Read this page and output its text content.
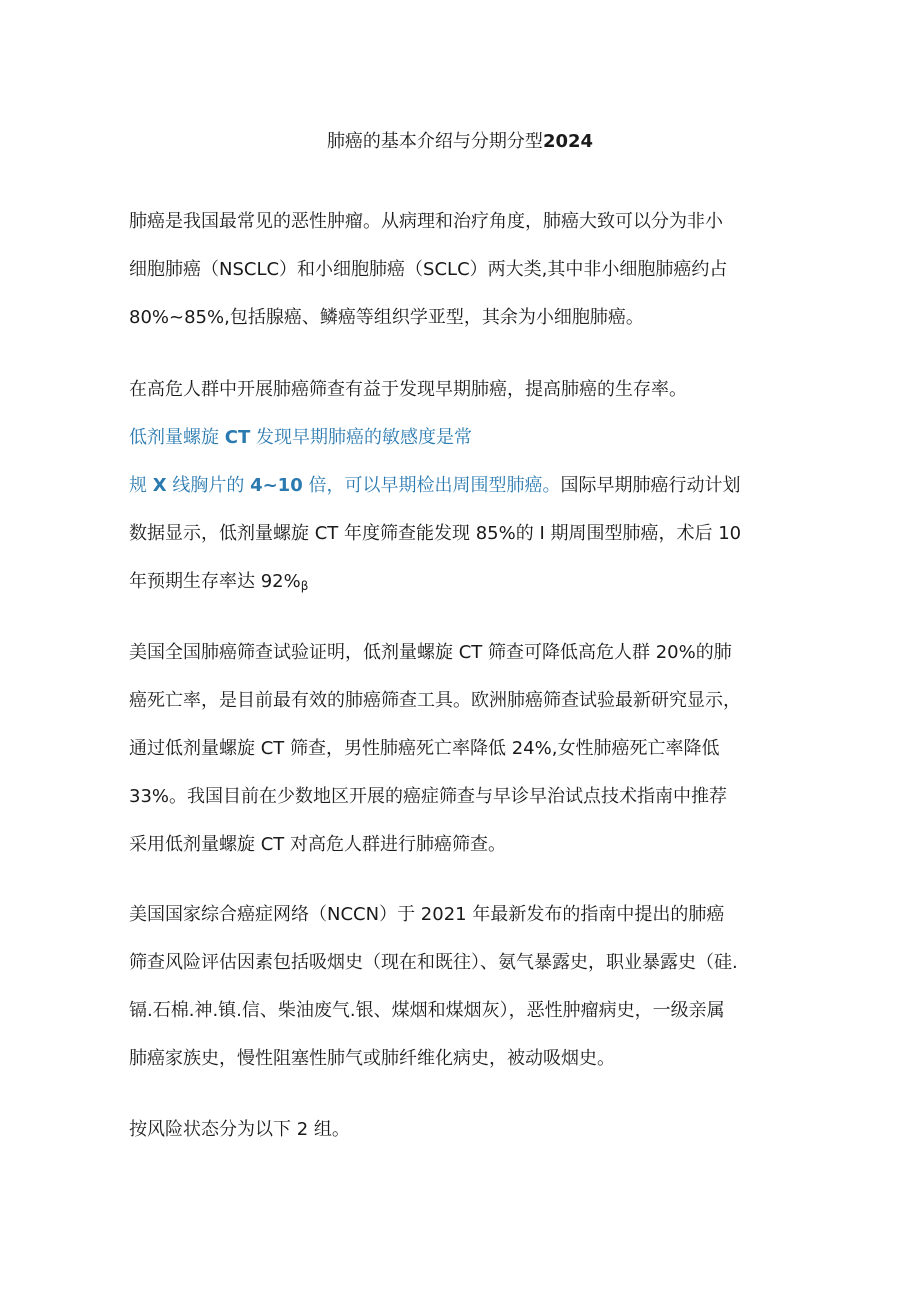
肺癌的基本介绍与分期分型2024
肺癌是我国最常见的恶性肿瘤。从病理和治疗角度，肺癌大致可以分为非小
细胞肺癌（NSCLC）和小细胞肺癌（SCLC）两大类,其中非小细胞肺癌约占
80%~85%,包括腺癌、鳞癌等组织学亚型，其余为小细胞肺癌。
在高危人群中开展肺癌筛查有益于发现早期肺癌，提高肺癌的生存率。
低剂量螺旋 CT 发现早期肺癌的敏感度是常
规 X 线胸片的 4~10 倍，可以早期检出周围型肺癌。国际早期肺癌行动计划
数据显示，低剂量螺旋 CT 年度筛查能发现 85%的 I 期周围型肺癌，术后 10
年预期生存率达 $92\%_\beta$
美国全国肺癌筛查试验证明，低剂量螺旋 CT 筛查可降低高危人群 20%的肺
癌死亡率，是目前最有效的肺癌筛查工具。欧洲肺癌筛查试验最新研究显示，
通过低剂量螺旋 CT 筛查，男性肺癌死亡率降低 24%,女性肺癌死亡率降低
33%。我国目前在少数地区开展的癌症筛查与早诊早治试点技术指南中推荐
采用低剂量螺旋 CT 对高危人群进行肺癌筛查。
美国国家综合癌症网络（NCCN）于 2021 年最新发布的指南中提出的肺癌
筛查风险评估因素包括吸烟史（现在和既往）、氨气暴露史，职业暴露史（硅.
镉.石棉.神.镇.信、柴油废气.银、煤烟和煤烟灰），恶性肿瘤病史，一级亲属
肺癌家族史，慢性阻塞性肺气或肺纤维化病史，被动吸烟史。
按风险状态分为以下 2 组。
